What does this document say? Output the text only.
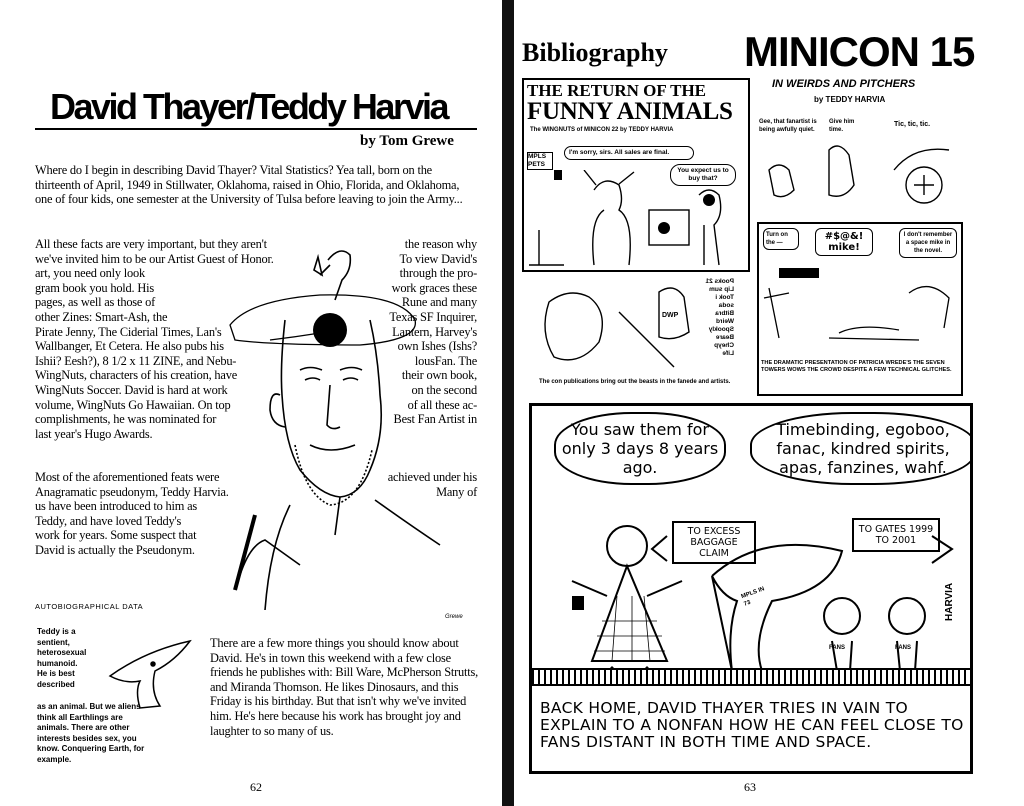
David Thayer/Teddy Harvia
by Tom Grewe
Where do I begin in describing David Thayer? Vital Statistics? Yea tall, born on the thirteenth of April, 1949 in Stillwater, Oklahoma, raised in Ohio, Florida, and Oklahoma, one of four kids, one semester at the University of Tulsa before leaving to join the Army...
All these facts are very important, but they aren't
we've invited him to be our Artist Guest of Honor.
art, you need only look
gram book you hold. His
pages, as well as those of
other Zines: Smart-Ash, the
Pirate Jenny, The Ciderial Times, Lan's
Wallbanger, Et Cetera. He also pubs his
Ishii? Eesh?), 8 1/2 x 11 ZINE, and Nebu-
WingNuts, characters of his creation, have
WingNuts Soccer. David is hard at work
volume, WingNuts Go Hawaiian. On top
complishments, he was nominated for
last year's Hugo Awards.
the reason why
To view David's
through the pro-
work graces these
Rune and many
Texas SF Inquirer,
Lantern, Harvey's
own Ishes (Ishs?
lousFan. The
their own book,
on the second
of all these ac-
Best Fan Artist in
Most of the aforementioned feats were
Anagramatic pseudonym, Teddy Harvia.
us have been introduced to him as
Teddy, and have loved Teddy's
work for years. Some suspect that
David is actually the Pseudonym.
achieved under his
Many of
AUTOBIOGRAPHICAL DATA
Grewe
Teddy is a
sentient,
heterosexual
humanoid.
He is best
described
as an animal. But we aliens
think all Earthlings are
animals. There are other
interests besides sex, you
know. Conquering Earth, for
example.
There are a few more things you should know about David. He's in town this weekend with a few close friends he publishes with: Bill Ware, McPherson Strutts, and Miranda Thomson. He likes Dinosaurs, and this Friday is his birthday. But that isn't why we've invited him. He's here because his work has brought joy and laughter to so many of us.
62
Bibliography MINICON 15
IN WEIRDS AND PITCHERS
by TEDDY HARVIA
THE RETURN OF THE
FUNNY ANIMALS
The WINGNUTS of MINICON 22 by TEDDY HARVIA
I'm sorry, sirs. All sales are final.
You expect us to buy that?
MPLS PETS
Gee, that fanartist is being awfully quiet.
Give him time.
Tic, tic, tic.
Pooks 21
Lip sum
Took i
soda
Bitbra
Weird
Spookly
Beare
Cheyp
Life
DWP
The con publications bring out the beasts in the fanede and artists.
Turn on the —
#$@&! mike!
I don't remember a space mike in the novel.
THE DRAMATIC PRESENTATION OF PATRICIA WREDE'S THE SEVEN TOWERS WOWS THE CROWD DESPITE A FEW TECHNICAL GLITCHES.
You saw them for only 3 days 8 years ago.
Timebinding, egoboo, fanac, kindred spirits, apas, fanzines, wahf.
TO EXCESS BAGGAGE CLAIM
TO GATES 1999 TO 2001
MPLS IN 73
FANS	FANS
HARVIA
BACK HOME, DAVID THAYER TRIES IN VAIN TO EXPLAIN TO A NONFAN HOW HE CAN FEEL CLOSE TO FANS DISTANT IN BOTH TIME AND SPACE.
63
